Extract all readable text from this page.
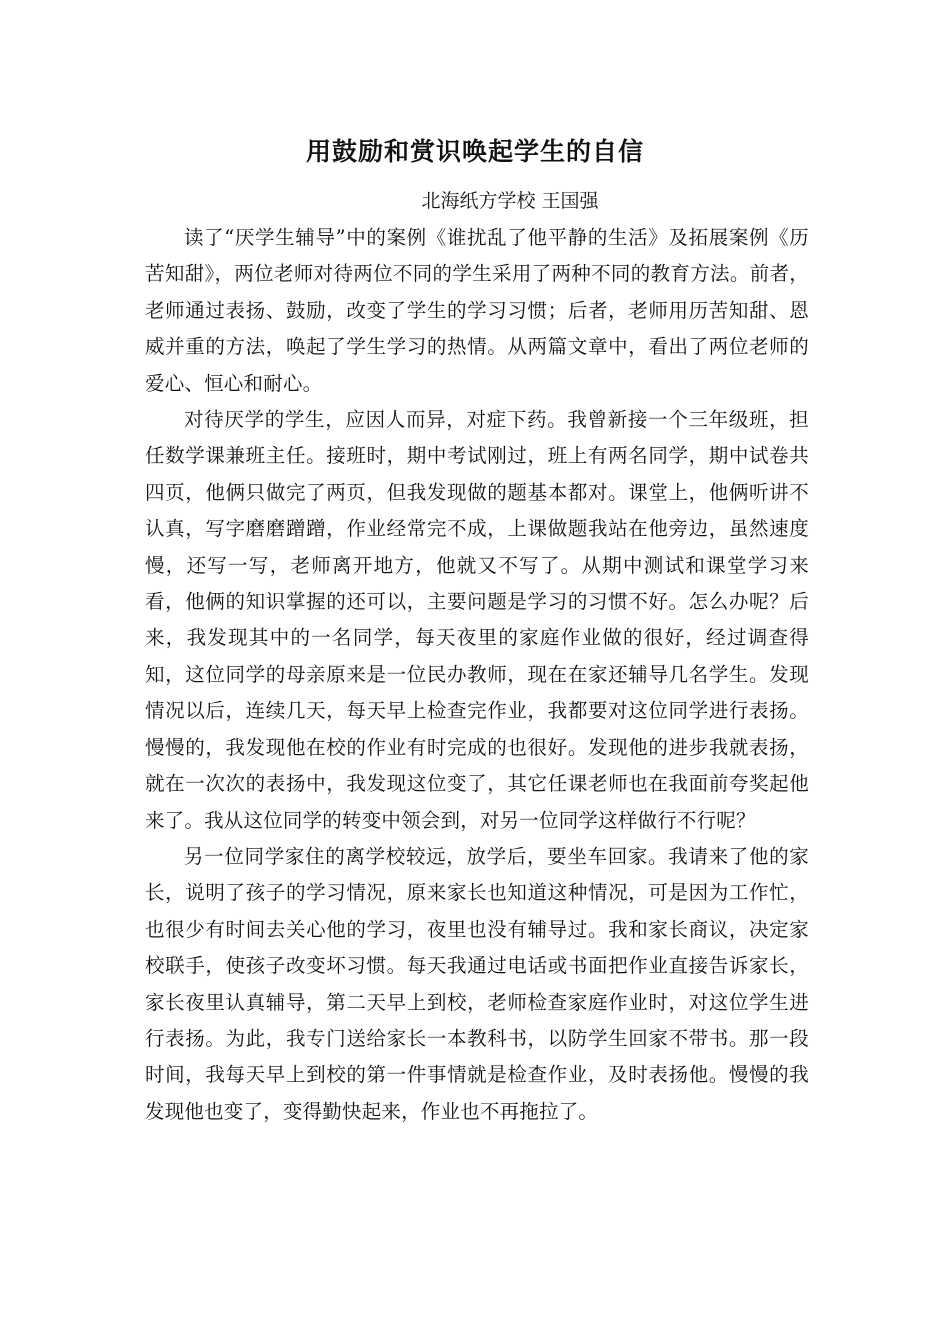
用鼓励和赏识唤起学生的自信
北海纸方学校 王国强

读了“厌学生辅导”中的案例《谁扰乱了他平静的生活》及拓展案例《历苦知甜》，两位老师对待两位不同的学生采用了两种不同的教育方法。前者，老师通过表扬、鼓励，改变了学生的学习习惯；后者，老师用历苦知甜、恩威并重的方法，唤起了学生学习的热情。从两篇文章中，看出了两位老师的爱心、恒心和耐心。

对待厌学的学生，应因人而异，对症下药。我曾新接一个三年级班，担任数学课兼班主任。接班时，期中考试刚过，班上有两名同学，期中试卷共四页，他俩只做完了两页，但我发现做的题基本都对。课堂上，他俩听讲不认真，写字磨磨蹭蹭，作业经常完不成，上课做题我站在他旁边，虽然速度慢，还写一写，老师离开地方，他就又不写了。从期中测试和课堂学习来看，他俩的知识掌握的还可以，主要问题是学习的习惯不好。怎么办呢？后来，我发现其中的一名同学，每天夜里的家庭作业做的很好，经过调查得知，这位同学的母亲原来是一位民办教师，现在在家还辅导几名学生。发现情况以后，连续几天，每天早上检查完作业，我都要对这位同学进行表扬。慢慢的，我发现他在校的作业有时完成的也很好。发现他的进步我就表扬，就在一次次的表扬中，我发现这位变了，其它任课老师也在我面前夸奖起他来了。我从这位同学的转变中领会到，对另一位同学这样做行不行呢？

另一位同学家住的离学校较远，放学后，要坐车回家。我请来了他的家长，说明了孩子的学习情况，原来家长也知道这种情况，可是因为工作忙，也很少有时间去关心他的学习，夜里也没有辅导过。我和家长商议，决定家校联手，使孩子改变坏习惯。每天我通过电话或书面把作业直接告诉家长，家长夜里认真辅导，第二天早上到校，老师检查家庭作业时，对这位学生进行表扬。为此，我专门送给家长一本教科书，以防学生回家不带书。那一段时间，我每天早上到校的第一件事情就是检查作业，及时表扬他。慢慢的我发现他也变了，变得勤快起来，作业也不再拖拉了。
